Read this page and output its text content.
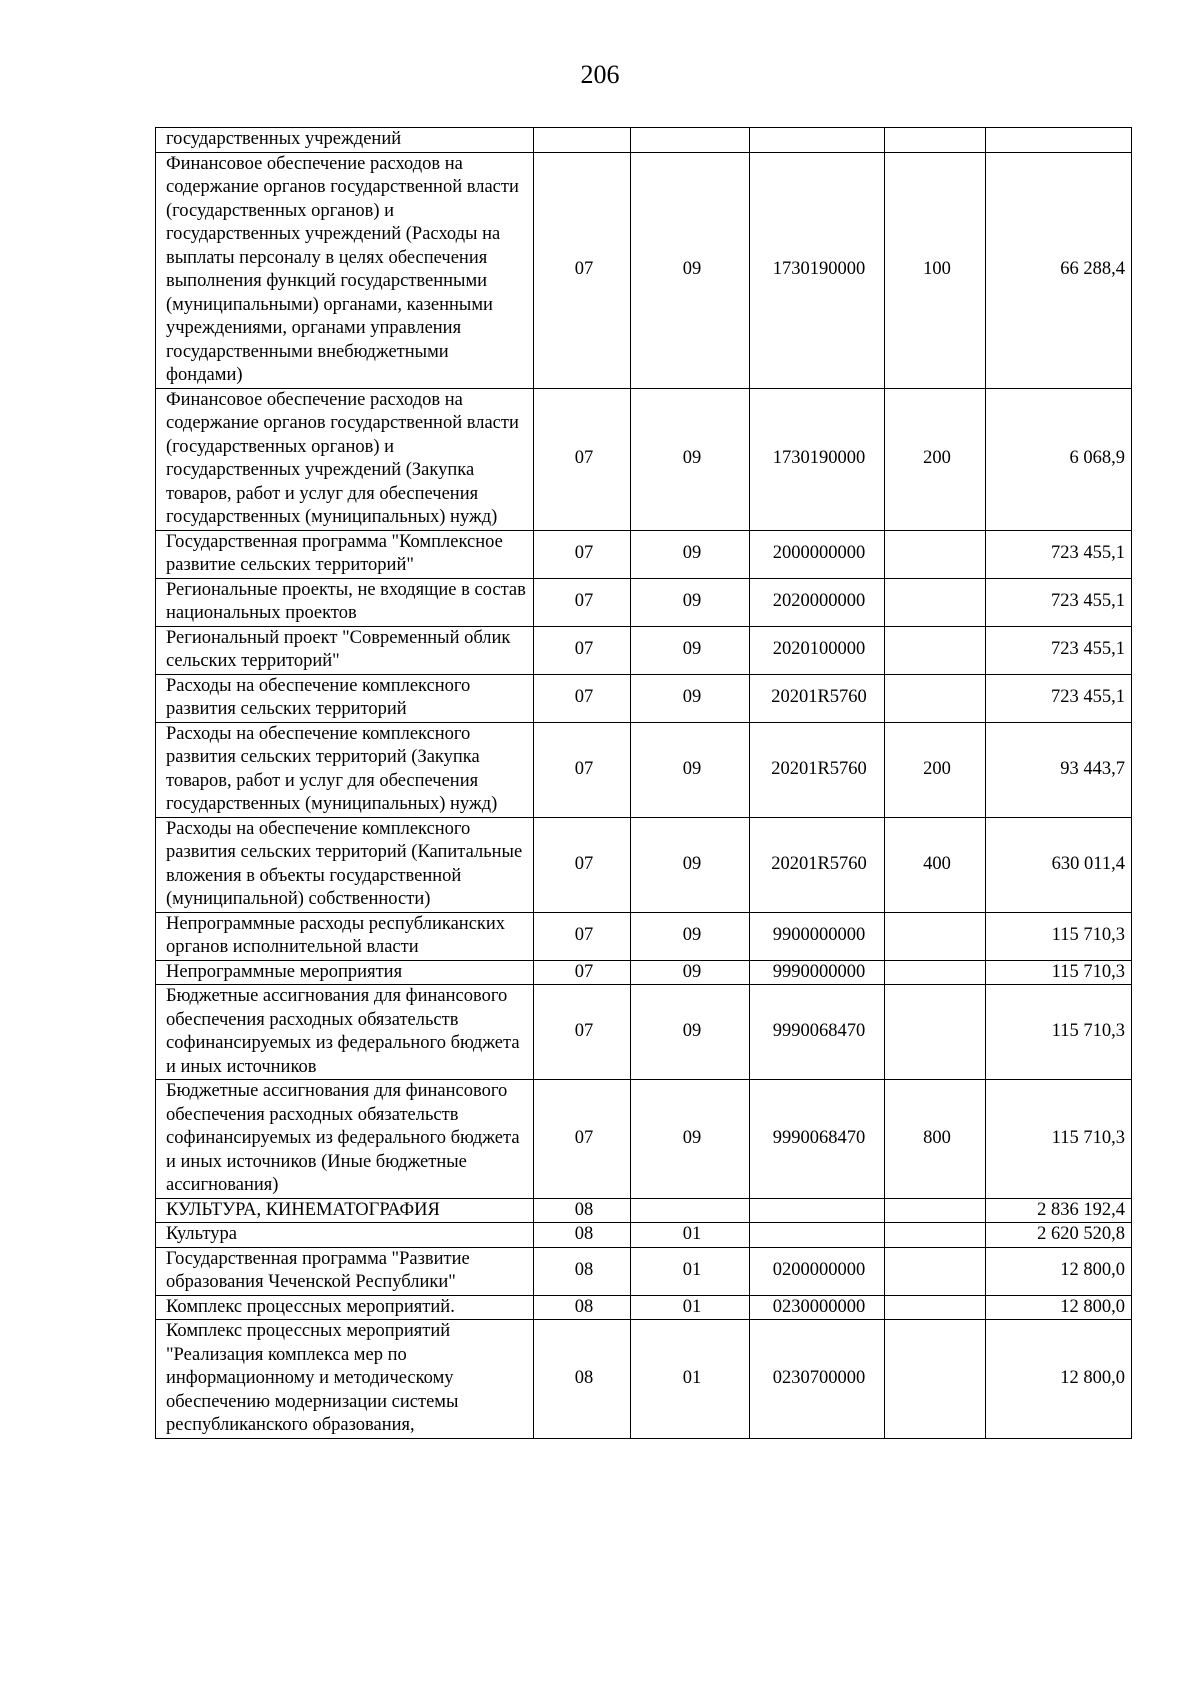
206
государственных учреждений					
Финансовое обеспечение расходов на содержание органов государственной власти (государственных органов) и государственных учреждений (Расходы на выплаты персоналу в целях обеспечения выполнения функций государственными (муниципальными) органами, казенными учреждениями, органами управления государственными внебюджетными фондами)	07	09	1730190000	100	66 288,4
Финансовое обеспечение расходов на содержание органов государственной власти (государственных органов) и государственных учреждений (Закупка товаров, работ и услуг для обеспечения государственных (муниципальных) нужд)	07	09	1730190000	200	6 068,9
Государственная программа "Комплексное развитие сельских территорий"	07	09	2000000000		723 455,1
Региональные проекты, не входящие в состав национальных проектов	07	09	2020000000		723 455,1
Региональный проект "Современный облик сельских территорий"	07	09	2020100000		723 455,1
Расходы на обеспечение комплексного развития сельских территорий	07	09	20201R5760		723 455,1
Расходы на обеспечение комплексного развития сельских территорий (Закупка товаров, работ и услуг для обеспечения государственных (муниципальных) нужд)	07	09	20201R5760	200	93 443,7
Расходы на обеспечение комплексного развития сельских территорий (Капитальные вложения в объекты государственной (муниципальной) собственности)	07	09	20201R5760	400	630 011,4
Непрограммные расходы республиканских органов исполнительной власти	07	09	9900000000		115 710,3
Непрограммные мероприятия	07	09	9990000000		115 710,3
Бюджетные ассигнования для финансового обеспечения расходных обязательств софинансируемых из федерального бюджета и иных источников	07	09	9990068470		115 710,3
Бюджетные ассигнования для финансового обеспечения расходных обязательств софинансируемых из федерального бюджета и иных источников (Иные бюджетные ассигнования)	07	09	9990068470	800	115 710,3
КУЛЬТУРА, КИНЕМАТОГРАФИЯ	08				2 836 192,4
Культура	08	01			2 620 520,8
Государственная программа "Развитие образования Чеченской Республики"	08	01	0200000000		12 800,0
Комплекс процессных мероприятий.	08	01	0230000000		12 800,0
Комплекс процессных мероприятий "Реализация комплекса мер по информационному и методическому обеспечению модернизации системы республиканского образования,	08	01	0230700000		12 800,0
